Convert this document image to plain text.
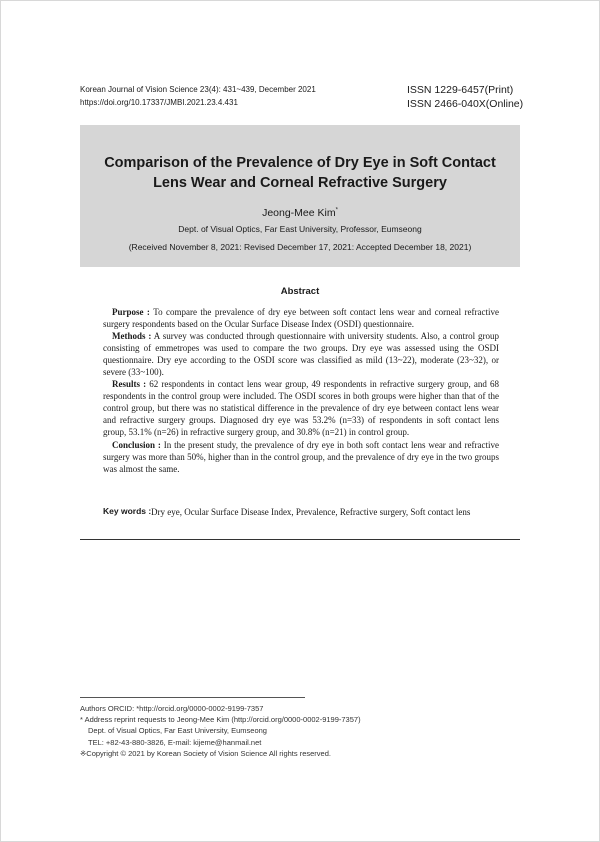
Korean Journal of Vision Science 23(4): 431~439, December 2021
https://doi.org/10.17337/JMBI.2021.23.4.431
ISSN 1229-6457(Print)
ISSN 2466-040X(Online)
Comparison of the Prevalence of Dry Eye in Soft Contact
Lens Wear and Corneal Refractive Surgery
Jeong-Mee Kim*
Dept. of Visual Optics, Far East University, Professor, Eumseong
(Received November 8, 2021: Revised December 17, 2021: Accepted December 18, 2021)
Abstract

Purpose : To compare the prevalence of dry eye between soft contact lens wear and corneal refractive surgery respondents based on the Ocular Surface Disease Index (OSDI) questionnaire.

Methods : A survey was conducted through questionnaire with university students. Also, a control group consisting of emmetropes was used to compare the two groups. Dry eye was assessed using the OSDI questionnaire. Dry eye according to the OSDI score was classified as mild (13~22), moderate (23~32), or severe (33~100).

Results : 62 respondents in contact lens wear group, 49 respondents in refractive surgery group, and 68 respondents in the control group were included. The OSDI scores in both groups were higher than that of the control group, but there was no statistical difference in the prevalence of dry eye between contact lens wear and refractive surgery groups. Diagnosed dry eye was 53.2% (n=33) of respondents in soft contact lens group, 53.1% (n=26) in refractive surgery group, and 30.8% (n=21) in control group.

Conclusion : In the present study, the prevalence of dry eye in both soft contact lens wear and refractive surgery was more than 50%, higher than in the control group, and the prevalence of dry eye in the two groups was almost the same.

Key words : Dry eye, Ocular Surface Disease Index, Prevalence, Refractive surgery, Soft contact lens
Authors ORCID: *http://orcid.org/0000-0002-9199-7357
* Address reprint requests to Jeong-Mee Kim (http://orcid.org/0000-0002-9199-7357)
Dept. of Visual Optics, Far East University, Eumseong
TEL: +82-43-880-3826, E-mail: kijeme@hanmail.net
※Copyright © 2021 by Korean Society of Vision Science All rights reserved.
